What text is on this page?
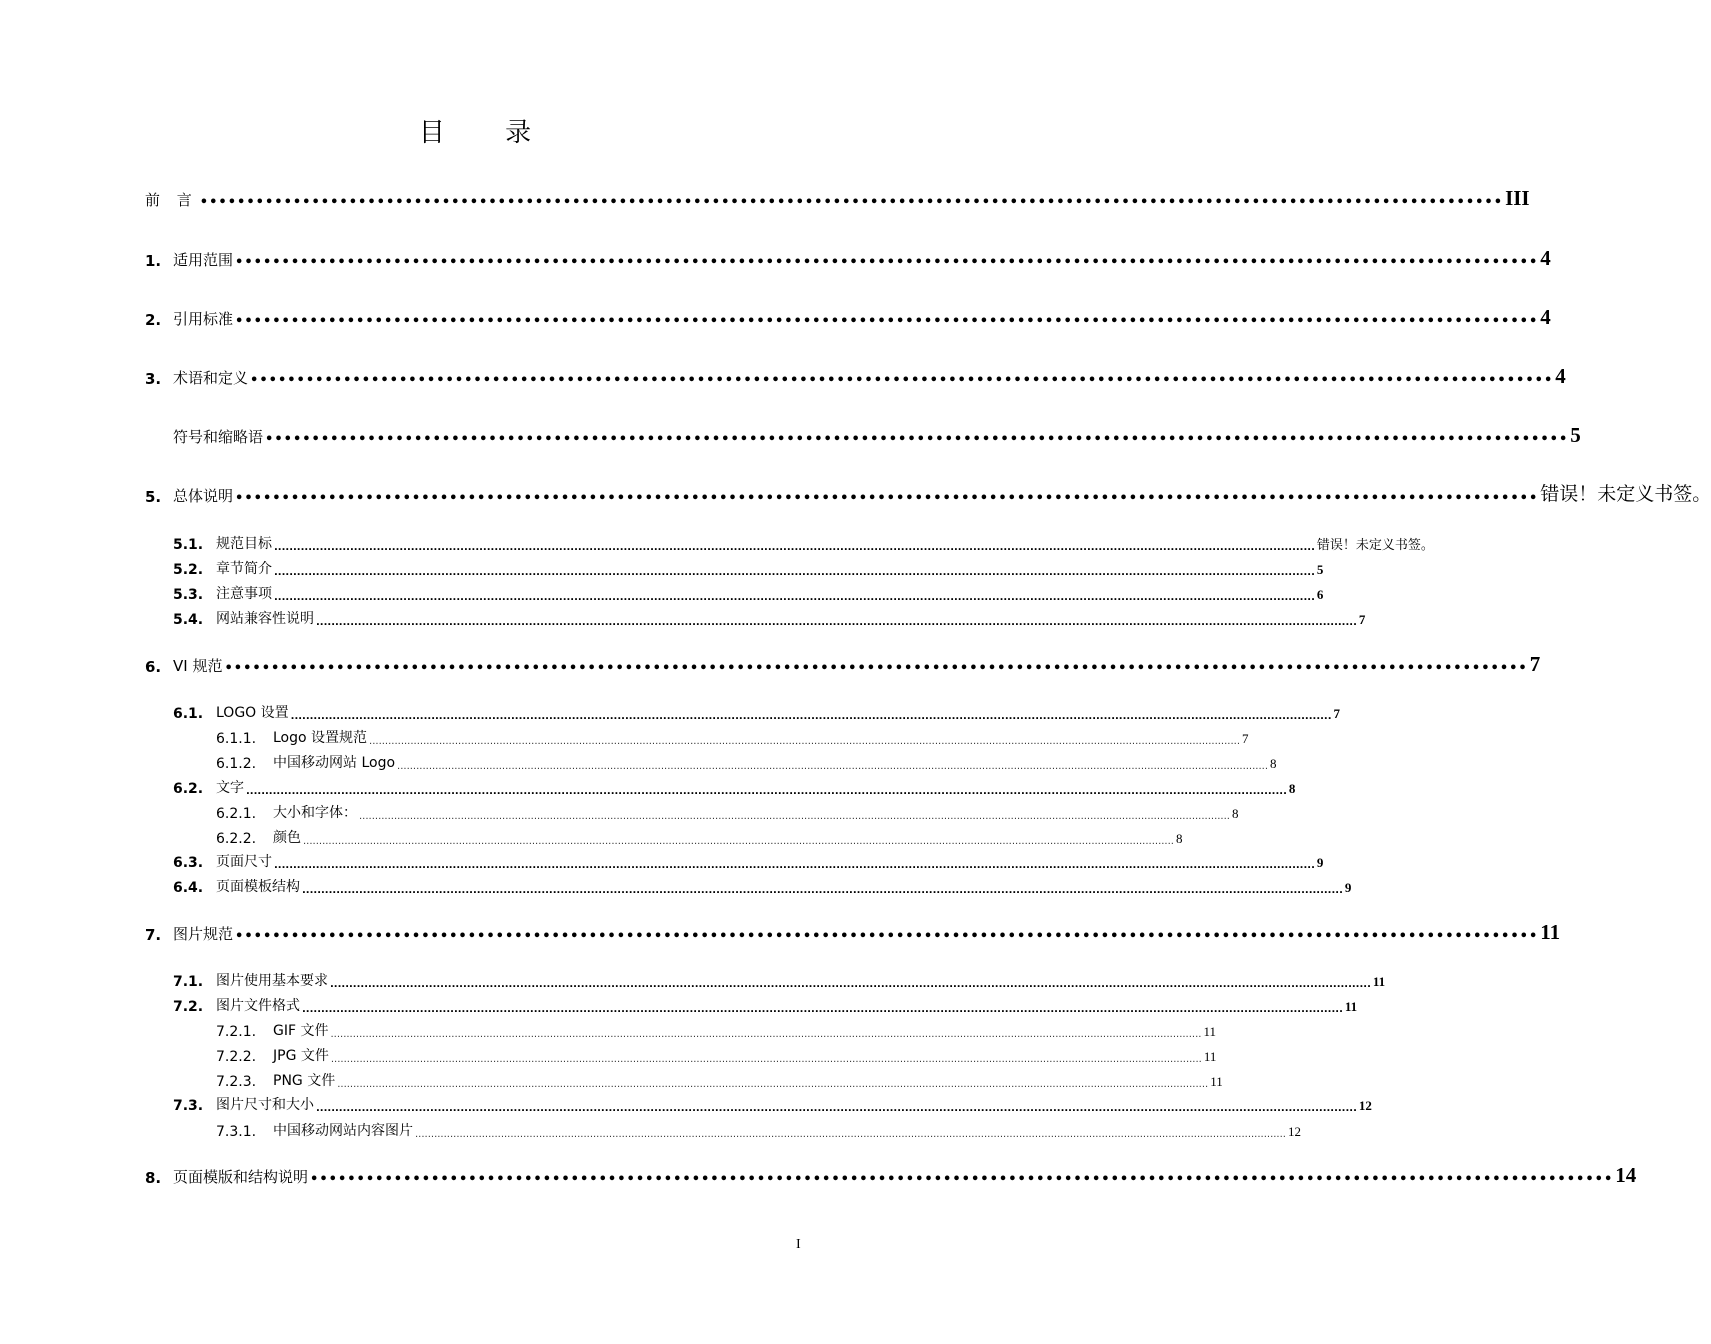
目 录
前 言 •••••••••••••••••••••••••••••••••••••••••••••••••••••••••••••••••••••••••••••••••••••••••••••••••••••••••••••••••••••••••••••••••••••••••••• III
1. 适用范围 •••••••••••••••••••••••••••••••••••••••••••••••••••••••••••••••••••••••••••••••••••••••••••••••••••••••••••••••••••••••••••••••••••••••••••• 4
2. 引用标准 •••••••••••••••••••••••••••••••••••••••••••••••••••••••••••••••••••••••••••••••••••••••••••••••••••••••••••••••••••••••••••••••••••••••••••• 4
3. 术语和定义 •••••••••••••••••••••••••••••••••••••••••••••••••••••••••••••••••••••••••••••••••••••••••••••••••••••••••••••••••••••••••••••••••••••••••••• 4
符号和缩略语 •••••••••••••••••••••••••••••••••••••••••••••••••••••••••••••••••••••••••••••••••••••••••••••••••••••••••••••••••••••••••••••••••••••••••••• 5
5. 总体说明 •••••••••••••••••••••••••••••••••••••••••••••••••••••••••••••••••••••••••••••••••••••••••••••••••••••••••••••••••••••••••••••••••••••••••••• 错误！未定义书签。
5.1. 规范目标 .................................................................................................................................................................................................................................................................................. 错误！未定义书签。
5.2. 章节简介 .................................................................................................................................................................................................................................................................................. 5
5.3. 注意事项 .................................................................................................................................................................................................................................................................................. 6
5.4. 网站兼容性说明 .................................................................................................................................................................................................................................................................................. 7
6. VI 规范 •••••••••••••••••••••••••••••••••••••••••••••••••••••••••••••••••••••••••••••••••••••••••••••••••••••••••••••••••••••••••••••••••••••••••••• 7
6.1. LOGO 设置 .................................................................................................................................................................................................................................................................................. 7
6.1.1.	Logo 设置规范 .................................................................................................................................................................................................................................................................................. 7
6.1.2.	中国移动网站 Logo .................................................................................................................................................................................................................................................................................. 8
6.2. 文字 .................................................................................................................................................................................................................................................................................. 8
6.2.1.	大小和字体： .................................................................................................................................................................................................................................................................................. 8
6.2.2.	颜色 .................................................................................................................................................................................................................................................................................. 8
6.3. 页面尺寸 .................................................................................................................................................................................................................................................................................. 9
6.4. 页面模板结构 .................................................................................................................................................................................................................................................................................. 9
7. 图片规范 •••••••••••••••••••••••••••••••••••••••••••••••••••••••••••••••••••••••••••••••••••••••••••••••••••••••••••••••••••••••••••••••••••••••••••• 11
7.1. 图片使用基本要求 .................................................................................................................................................................................................................................................................................. 11
7.2. 图片文件格式 .................................................................................................................................................................................................................................................................................. 11
7.2.1.	GIF 文件 .................................................................................................................................................................................................................................................................................. 11
7.2.2.	JPG 文件 .................................................................................................................................................................................................................................................................................. 11
7.2.3.	PNG 文件 .................................................................................................................................................................................................................................................................................. 11
7.3. 图片尺寸和大小 .................................................................................................................................................................................................................................................................................. 12
7.3.1.	中国移动网站内容图片 .................................................................................................................................................................................................................................................................................. 12
8. 页面模版和结构说明 •••••••••••••••••••••••••••••••••••••••••••••••••••••••••••••••••••••••••••••••••••••••••••••••••••••••••••••••••••••••••••••••••••••••••••• 14
I
